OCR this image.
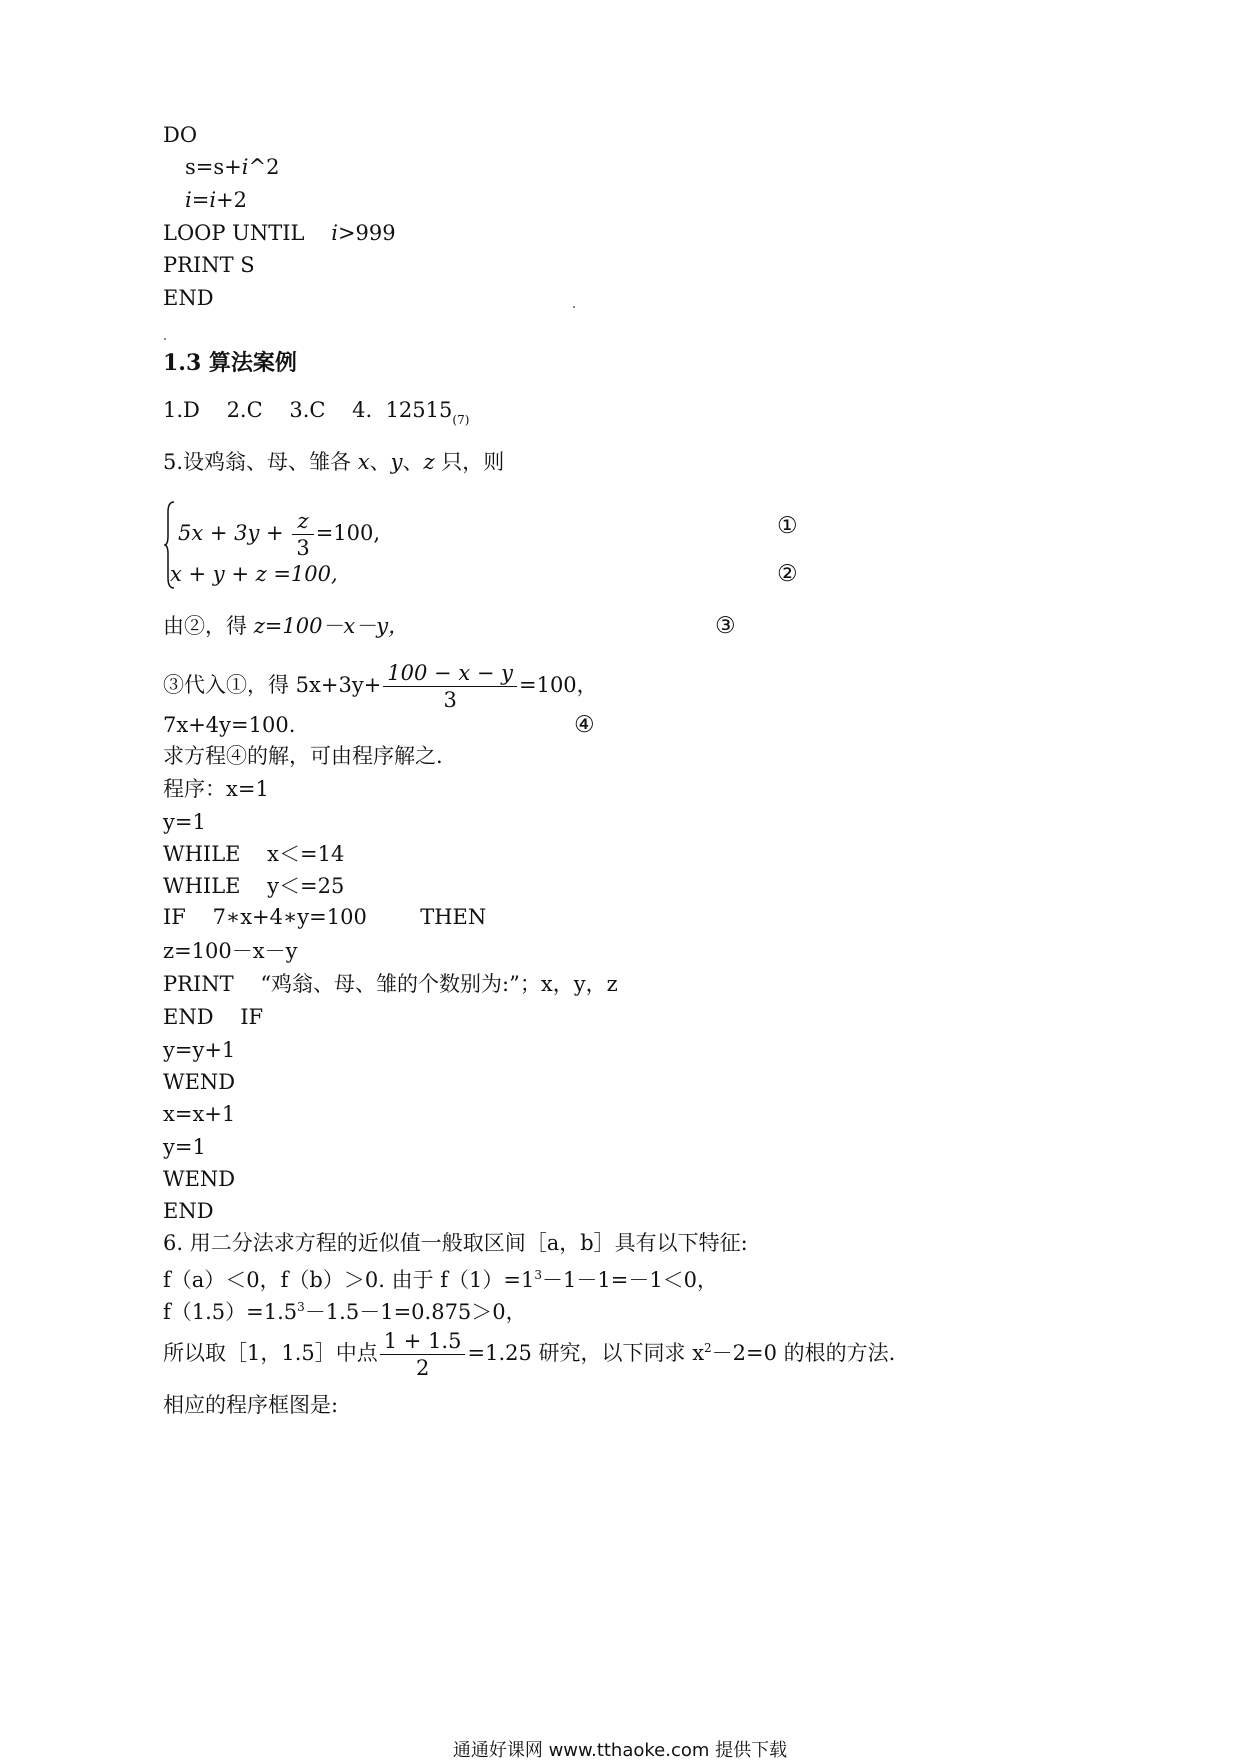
DO
s=s+i^2
i=i+2
LOOP UNTIL    i>999
PRINT S
END
1.3 算法案例
1.D    2.C    3.C    4.  $12515_{(7)}$
5.设鸡翁、母、雏各 x、y、z 只，则
$5x + 3y + \frac{z}{3} =100$,	①
x + y + z =100,	②
由②，得 z=100－x－y，	③
③代入①，得 $5x+3y+ \frac{100 - x - y}{3} =100$，
7x+4y=100.	④
求方程④的解，可由程序解之.
程序：x=1
y=1
WHILE    x＜=14
WHILE    y＜=25
IF    7∗x+4∗y=100        THEN
z=100－x－y
PRINT    “鸡翁、母、雏的个数别为:”；x，y，z
END    IF
y=y+1
WEND
x=x+1
y=1
WEND
END
6. 用二分法求方程的近似值一般取区间［a，b］具有以下特征:
f（a）＜0，f（b）＞0. 由于 $f(1)=1^3-1-1=-1<0$，
$f(1.5)=1.5^3-1.5-1=0.875>0$，
所以取［1，1.5］中点 $\frac{1 + 1.5}{2} =1.25$ 研究，以下同求 $x^2-2=0$ 的根的方法.
相应的程序框图是:
通通好课网 www.tthaoke.com 提供下载
